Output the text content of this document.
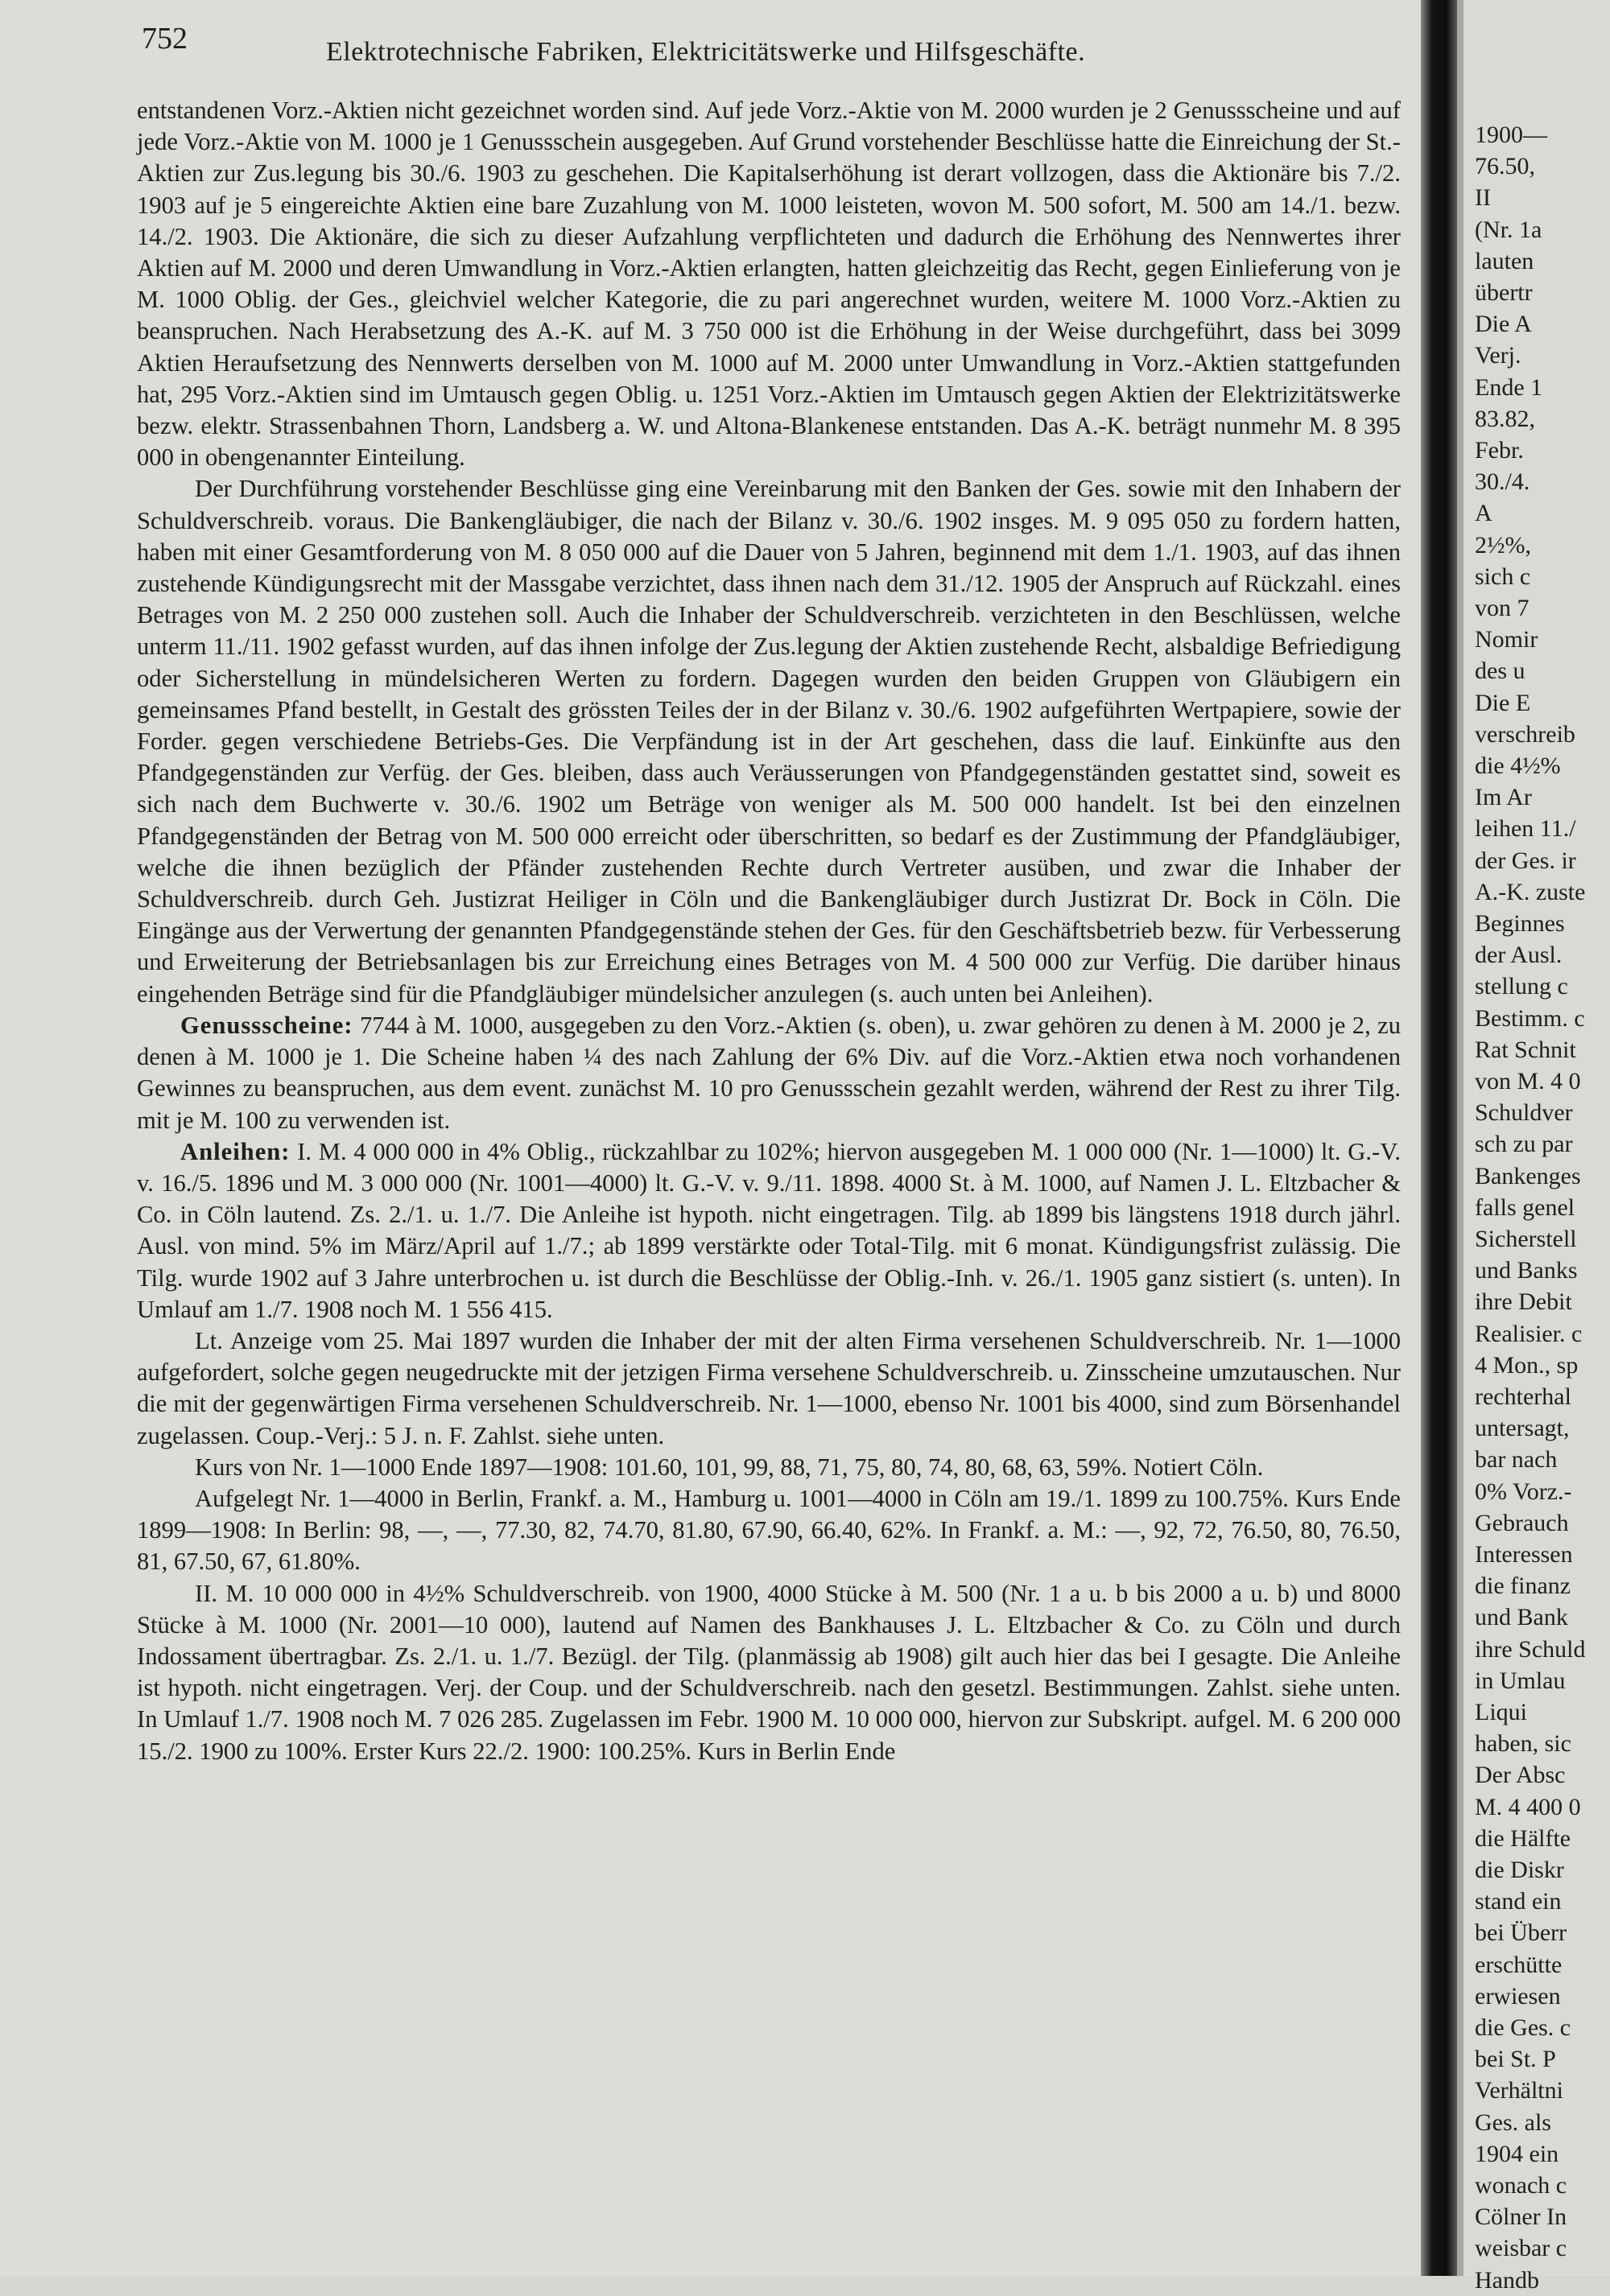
752	Elektrotechnische Fabriken, Elektricitätswerke und Hilfsgeschäfte.

entstandenen Vorz.-Aktien nicht gezeichnet worden sind. Auf jede Vorz.-Aktie von M. 2000 wurden je 2 Genussscheine und auf jede Vorz.-Aktie von M. 1000 je 1 Genussschein ausgegeben. Auf Grund vorstehender Beschlüsse hatte die Einreichung der St.-Aktien zur Zus.legung bis 30./6. 1903 zu geschehen. Die Kapitalserhöhung ist derart vollzogen, dass die Aktionäre bis 7./2. 1903 auf je 5 eingereichte Aktien eine bare Zuzahlung von M. 1000 leisteten, wovon M. 500 sofort, M. 500 am 14./1. bezw. 14./2. 1903. Die Aktionäre, die sich zu dieser Aufzahlung verpflichteten und dadurch die Erhöhung des Nennwertes ihrer Aktien auf M. 2000 und deren Umwandlung in Vorz.-Aktien erlangten, hatten gleichzeitig das Recht, gegen Einlieferung von je M. 1000 Oblig. der Ges., gleichviel welcher Kategorie, die zu pari angerechnet wurden, weitere M. 1000 Vorz.-Aktien zu beanspruchen. Nach Herabsetzung des A.-K. auf M. 3 750 000 ist die Erhöhung in der Weise durchgeführt, dass bei 3099 Aktien Heraufsetzung des Nennwerts derselben von M. 1000 auf M. 2000 unter Umwandlung in Vorz.-Aktien stattgefunden hat, 295 Vorz.-Aktien sind im Umtausch gegen Oblig. u. 1251 Vorz.-Aktien im Umtausch gegen Aktien der Elektrizitätswerke bezw. elektr. Strassenbahnen Thorn, Landsberg a. W. und Altona-Blankenese entstanden. Das A.-K. beträgt nunmehr M. 8 395 000 in obengenannter Einteilung.

Der Durchführung vorstehender Beschlüsse ging eine Vereinbarung mit den Banken der Ges. sowie mit den Inhabern der Schuldverschreib. voraus. Die Bankengläubiger, die nach der Bilanz v. 30./6. 1902 insges. M. 9 095 050 zu fordern hatten, haben mit einer Gesamtforderung von M. 8 050 000 auf die Dauer von 5 Jahren, beginnend mit dem 1./1. 1903, auf das ihnen zustehende Kündigungsrecht mit der Massgabe verzichtet, dass ihnen nach dem 31./12. 1905 der Anspruch auf Rückzahl. eines Betrages von M. 2 250 000 zustehen soll. Auch die Inhaber der Schuldverschreib. verzichteten in den Beschlüssen, welche unterm 11./11. 1902 gefasst wurden, auf das ihnen infolge der Zus.legung der Aktien zustehende Recht, alsbaldige Befriedigung oder Sicherstellung in mündelsicheren Werten zu fordern. Dagegen wurden den beiden Gruppen von Gläubigern ein gemeinsames Pfand bestellt, in Gestalt des grössten Teiles der in der Bilanz v. 30./6. 1902 aufgeführten Wertpapiere, sowie der Forder. gegen verschiedene Betriebs-Ges. Die Verpfändung ist in der Art geschehen, dass die lauf. Einkünfte aus den Pfandgegenständen zur Verfüg. der Ges. bleiben, dass auch Veräusserungen von Pfandgegenständen gestattet sind, soweit es sich nach dem Buchwerte v. 30./6. 1902 um Beträge von weniger als M. 500 000 handelt. Ist bei den einzelnen Pfandgegenständen der Betrag von M. 500 000 erreicht oder überschritten, so bedarf es der Zustimmung der Pfandgläubiger, welche die ihnen bezüglich der Pfänder zustehenden Rechte durch Vertreter ausüben, und zwar die Inhaber der Schuldverschreib. durch Geh. Justizrat Heiliger in Cöln und die Bankengläubiger durch Justizrat Dr. Bock in Cöln. Die Eingänge aus der Verwertung der genannten Pfandgegenstände stehen der Ges. für den Geschäftsbetrieb bezw. für Verbesserung und Erweiterung der Betriebsanlagen bis zur Erreichung eines Betrages von M. 4 500 000 zur Verfüg. Die darüber hinaus eingehenden Beträge sind für die Pfandgläubiger mündelsicher anzulegen (s. auch unten bei Anleihen).

Genussscheine: 7744 à M. 1000, ausgegeben zu den Vorz.-Aktien (s. oben), u. zwar gehören zu denen à M. 2000 je 2, zu denen à M. 1000 je 1. Die Scheine haben ¼ des nach Zahlung der 6% Div. auf die Vorz.-Aktien etwa noch vorhandenen Gewinnes zu beanspruchen, aus dem event. zunächst M. 10 pro Genussschein gezahlt werden, während der Rest zu ihrer Tilg. mit je M. 100 zu verwenden ist.

Anleihen: I. M. 4 000 000 in 4% Oblig., rückzahlbar zu 102%; hiervon ausgegeben M. 1 000 000 (Nr. 1—1000) lt. G.-V. v. 16./5. 1896 und M. 3 000 000 (Nr. 1001—4000) lt. G.-V. v. 9./11. 1898. 4000 St. à M. 1000, auf Namen J. L. Eltzbacher & Co. in Cöln lautend. Zs. 2./1. u. 1./7. Die Anleihe ist hypoth. nicht eingetragen. Tilg. ab 1899 bis längstens 1918 durch jährl. Ausl. von mind. 5% im März/April auf 1./7.; ab 1899 verstärkte oder Total-Tilg. mit 6 monat. Kündigungsfrist zulässig. Die Tilg. wurde 1902 auf 3 Jahre unterbrochen u. ist durch die Beschlüsse der Oblig.-Inh. v. 26./1. 1905 ganz sistiert (s. unten). In Umlauf am 1./7. 1908 noch M. 1 556 415.

Lt. Anzeige vom 25. Mai 1897 wurden die Inhaber der mit der alten Firma versehenen Schuldverschreib. Nr. 1—1000 aufgefordert, solche gegen neugedruckte mit der jetzigen Firma versehene Schuldverschreib. u. Zinsscheine umzutauschen. Nur die mit der gegenwärtigen Firma versehenen Schuldverschreib. Nr. 1—1000, ebenso Nr. 1001 bis 4000, sind zum Börsenhandel zugelassen. Coup.-Verj.: 5 J. n. F. Zahlst. siehe unten.

Kurs von Nr. 1—1000 Ende 1897—1908: 101.60, 101, 99, 88, 71, 75, 80, 74, 80, 68, 63, 59%. Notiert Cöln.

Aufgelegt Nr. 1—4000 in Berlin, Frankf. a. M., Hamburg u. 1001—4000 in Cöln am 19./1. 1899 zu 100.75%. Kurs Ende 1899—1908: In Berlin: 98, —, —, 77.30, 82, 74.70, 81.80, 67.90, 66.40, 62%. In Frankf. a. M.: —, 92, 72, 76.50, 80, 76.50, 81, 67.50, 67, 61.80%.

II. M. 10 000 000 in 4½% Schuldverschreib. von 1900, 4000 Stücke à M. 500 (Nr. 1 a u. b bis 2000 a u. b) und 8000 Stücke à M. 1000 (Nr. 2001—10 000), lautend auf Namen des Bankhauses J. L. Eltzbacher & Co. zu Cöln und durch Indossament übertragbar. Zs. 2./1. u. 1./7. Bezügl. der Tilg. (planmässig ab 1908) gilt auch hier das bei I gesagte. Die Anleihe ist hypoth. nicht eingetragen. Verj. der Coup. und der Schuldverschreib. nach den gesetzl. Bestimmungen. Zahlst. siehe unten. In Umlauf 1./7. 1908 noch M. 7 026 285. Zugelassen im Febr. 1900 M. 10 000 000, hiervon zur Subskript. aufgel. M. 6 200 000 15./2. 1900 zu 100%. Erster Kurs 22./2. 1900: 100.25%. Kurs in Berlin Ende

1900—
76.50,
II
(Nr. 1a
lauten
übertr
Die A
Verj.
Ende 1
83.82,
Febr.
30./4.
A
2½%,
sich c
von 7
Nomir
des u
Die E
verschreib
die 4½%
Im Ar
leihen 11./
der Ges. ir
A.-K. zuste
Beginnes
der Ausl.
stellung c
Bestimm. c
Rat Schnit
von M. 4 0
Schuldver
sch zu par
Bankenges
falls genel
Sicherstell
und Banks
ihre Debit
Realisier. c
4 Mon., sp
rechterhal
untersagt,
bar nach
0% Vorz.-
Gebrauch
Interessen
die finanz
und Bank
ihre Schuld
in Umlau
Liqui
haben, sic
Der Absc
M. 4 400 0
die Hälfte
die Diskr
stand ein
bei Überr
erschütte
erwiesen
die Ges. c
bei St. P
Verhältni
Ges. als
1904 ein
wonach c
Cölner In
weisbar c
Handb
